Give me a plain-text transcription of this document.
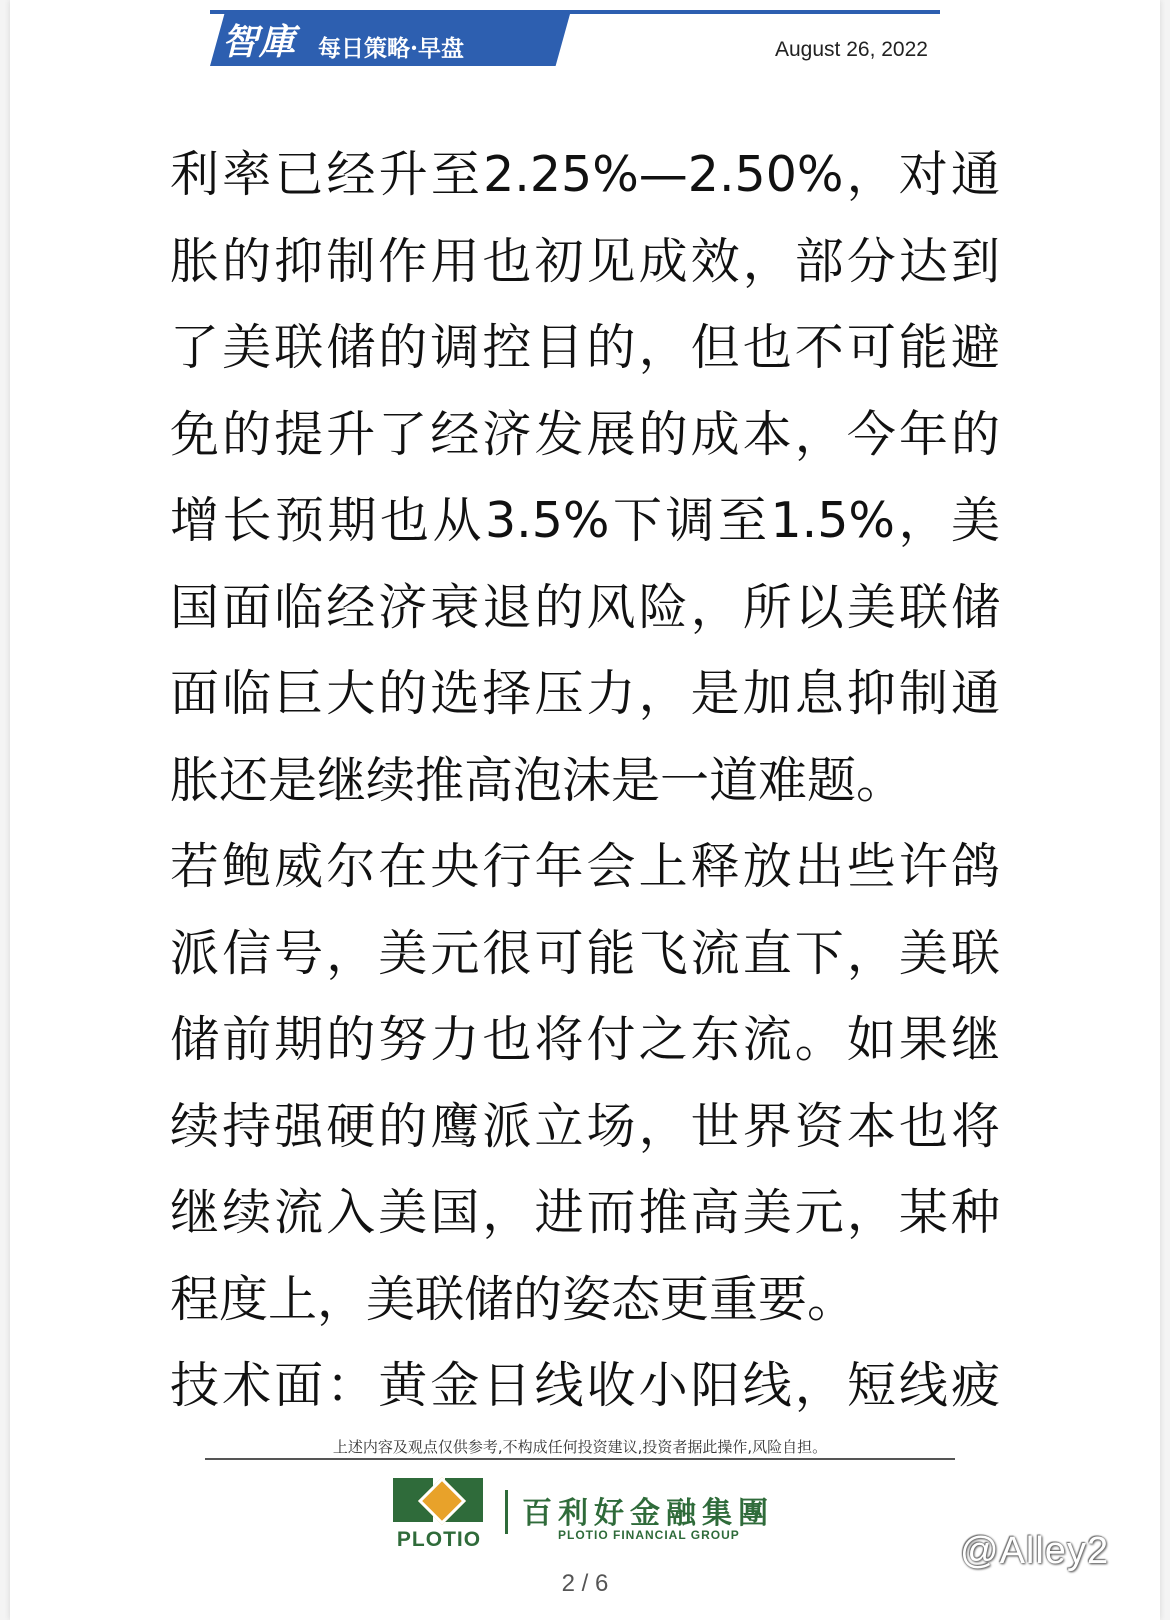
智庫 每日策略·早盘	August 26, 2022
利率已经升至2.25%—2.50%，对通
胀的抑制作用也初见成效，部分达到
了美联储的调控目的，但也不可能避
免的提升了经济发展的成本，今年的
增长预期也从3.5%下调至1.5%，美
国面临经济衰退的风险，所以美联储
面临巨大的选择压力，是加息抑制通
胀还是继续推高泡沫是一道难题。
若鲍威尔在央行年会上释放出些许鸽
派信号，美元很可能飞流直下，美联
储前期的努力也将付之东流。如果继
续持强硬的鹰派立场，世界资本也将
继续流入美国，进而推高美元，某种
程度上，美联储的姿态更重要。
技术面：黄金日线收小阳线，短线疲
上述内容及观点仅供参考,不构成任何投资建议,投资者据此操作,风险自担。
PLOTIO
百利好金融集團
PLOTIO FINANCIAL GROUP
2 / 6
@Alley2
